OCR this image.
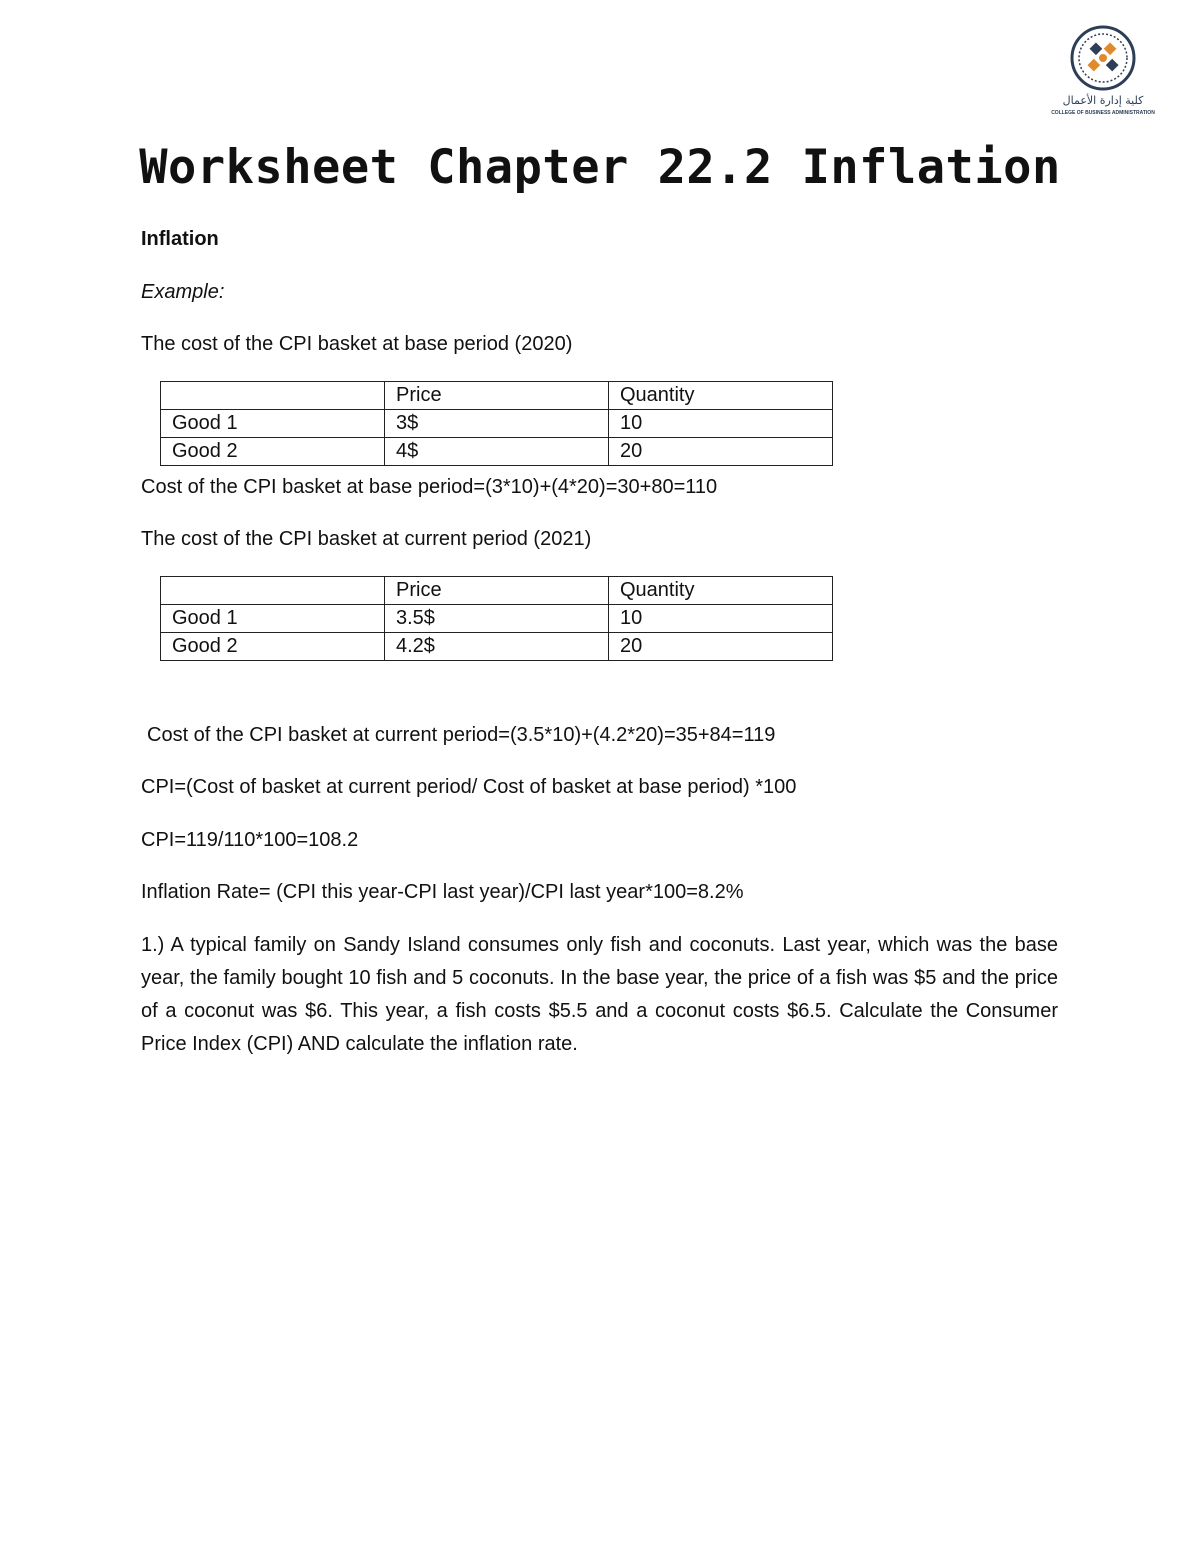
كلية إدارة الأعمال
COLLEGE OF BUSINESS ADMINISTRATION
Worksheet Chapter 22.2 Inflation

Inflation

Example:

The cost of the CPI basket at base period (2020)

	Price	Quantity
Good 1	3$	10
Good 2	4$	20

Cost of the CPI basket at base period=(3*10)+(4*20)=30+80=110

The cost of the CPI basket at current period (2021)

	Price	Quantity
Good 1	3.5$	10
Good 2	4.2$	20

Cost of the CPI basket at current period=(3.5*10)+(4.2*20)=35+84=119

CPI=(Cost of basket at current period/ Cost of basket at base period) *100

CPI=119/110*100=108.2

Inflation Rate= (CPI this year-CPI last year)/CPI last year*100=8.2%

1.) A typical family on Sandy Island consumes only fish and coconuts. Last year, which was the base year, the family bought 10 fish and 5 coconuts. In the base year, the price of a fish was $5 and the price of a coconut was $6. This year, a fish costs $5.5 and a coconut costs $6.5. Calculate the Consumer Price Index (CPI) AND calculate the inflation rate.
